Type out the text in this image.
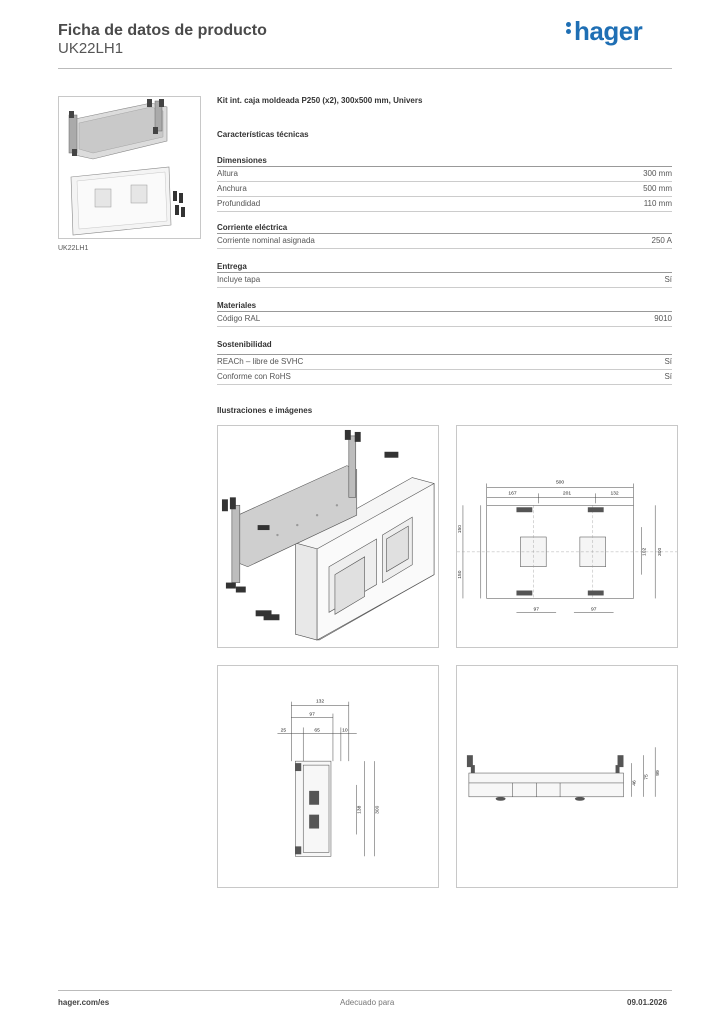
Ficha de datos de producto
UK22LH1
hager
UK22LH1
Kit int. caja moldeada P250 (x2), 300x500 mm, Univers
Características técnicas
Dimensiones
Altura	300 mm
Anchura	500 mm
Profundidad	110 mm
Corriente eléctrica
Corriente nominal asignada	250 A
Entrega
Incluye tapa	Sí
Materiales
Código RAL	9010
Sostenibilidad
REACh – libre de SVHC	Sí
Conforme con RoHS	Sí
Ilustraciones e imágenes
500
167	201	132
150
150
102 300
97	97
132
97
25	65	10
138	300
46
75
99
hager.com/es	Adecuado para	09.01.2026
